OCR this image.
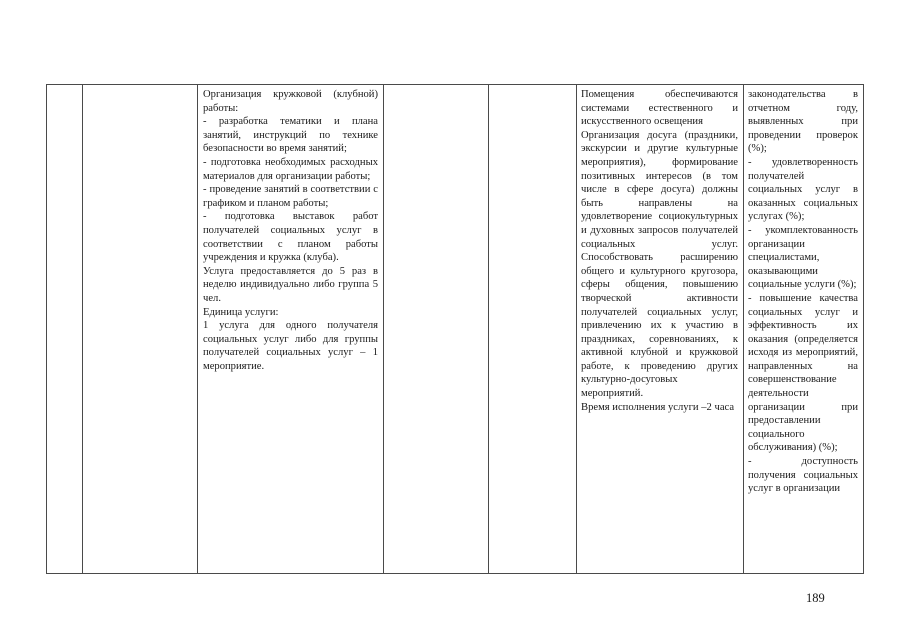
Организация кружковой (клубной) работы:

- разработка тематики и плана занятий, инструкций по технике безопасности во время занятий;

- подготовка необходимых расходных материалов для организации работы;

- проведение занятий в соответствии с графиком и планом работы;

- подготовка выставок работ получателей социальных услуг в соответствии с планом работы учреждения и кружка (клуба).

Услуга предоставляется до 5 раз в неделю индивидуально либо группа 5 чел.

Единица услуги:

1 услуга для одного получателя социальных услуг либо для группы получателей социальных услуг – 1 мероприятие.

Помещения обеспечиваются системами естественного и искусственного освещения

Организация досуга (праздники, экскурсии и другие культурные мероприятия), формирование позитивных интересов (в том числе в сфере досуга) должны быть направлены на удовлетворение социокультурных и духовных запросов получателей социальных услуг. Способствовать расширению общего и культурного кругозора, сферы общения, повышению творческой активности получателей социальных услуг, привлечению их к участию в праздниках, соревнованиях, к активной клубной и кружковой работе, к проведению других культурно-досуговых мероприятий.

Время исполнения услуги –2 часа

законодательства в отчетном году, выявленных при проведении проверок (%);

- удовлетворенность получателей социальных услуг в оказанных социальных услугах (%);

- укомплектованность организации специалистами, оказывающими социальные услуги (%);

- повышение качества социальных услуг и эффективность их оказания (определяется исходя из мероприятий, направленных на совершенствование деятельности организации при предоставлении социального обслуживания) (%);

- доступность получения социальных услуг в организации

189
